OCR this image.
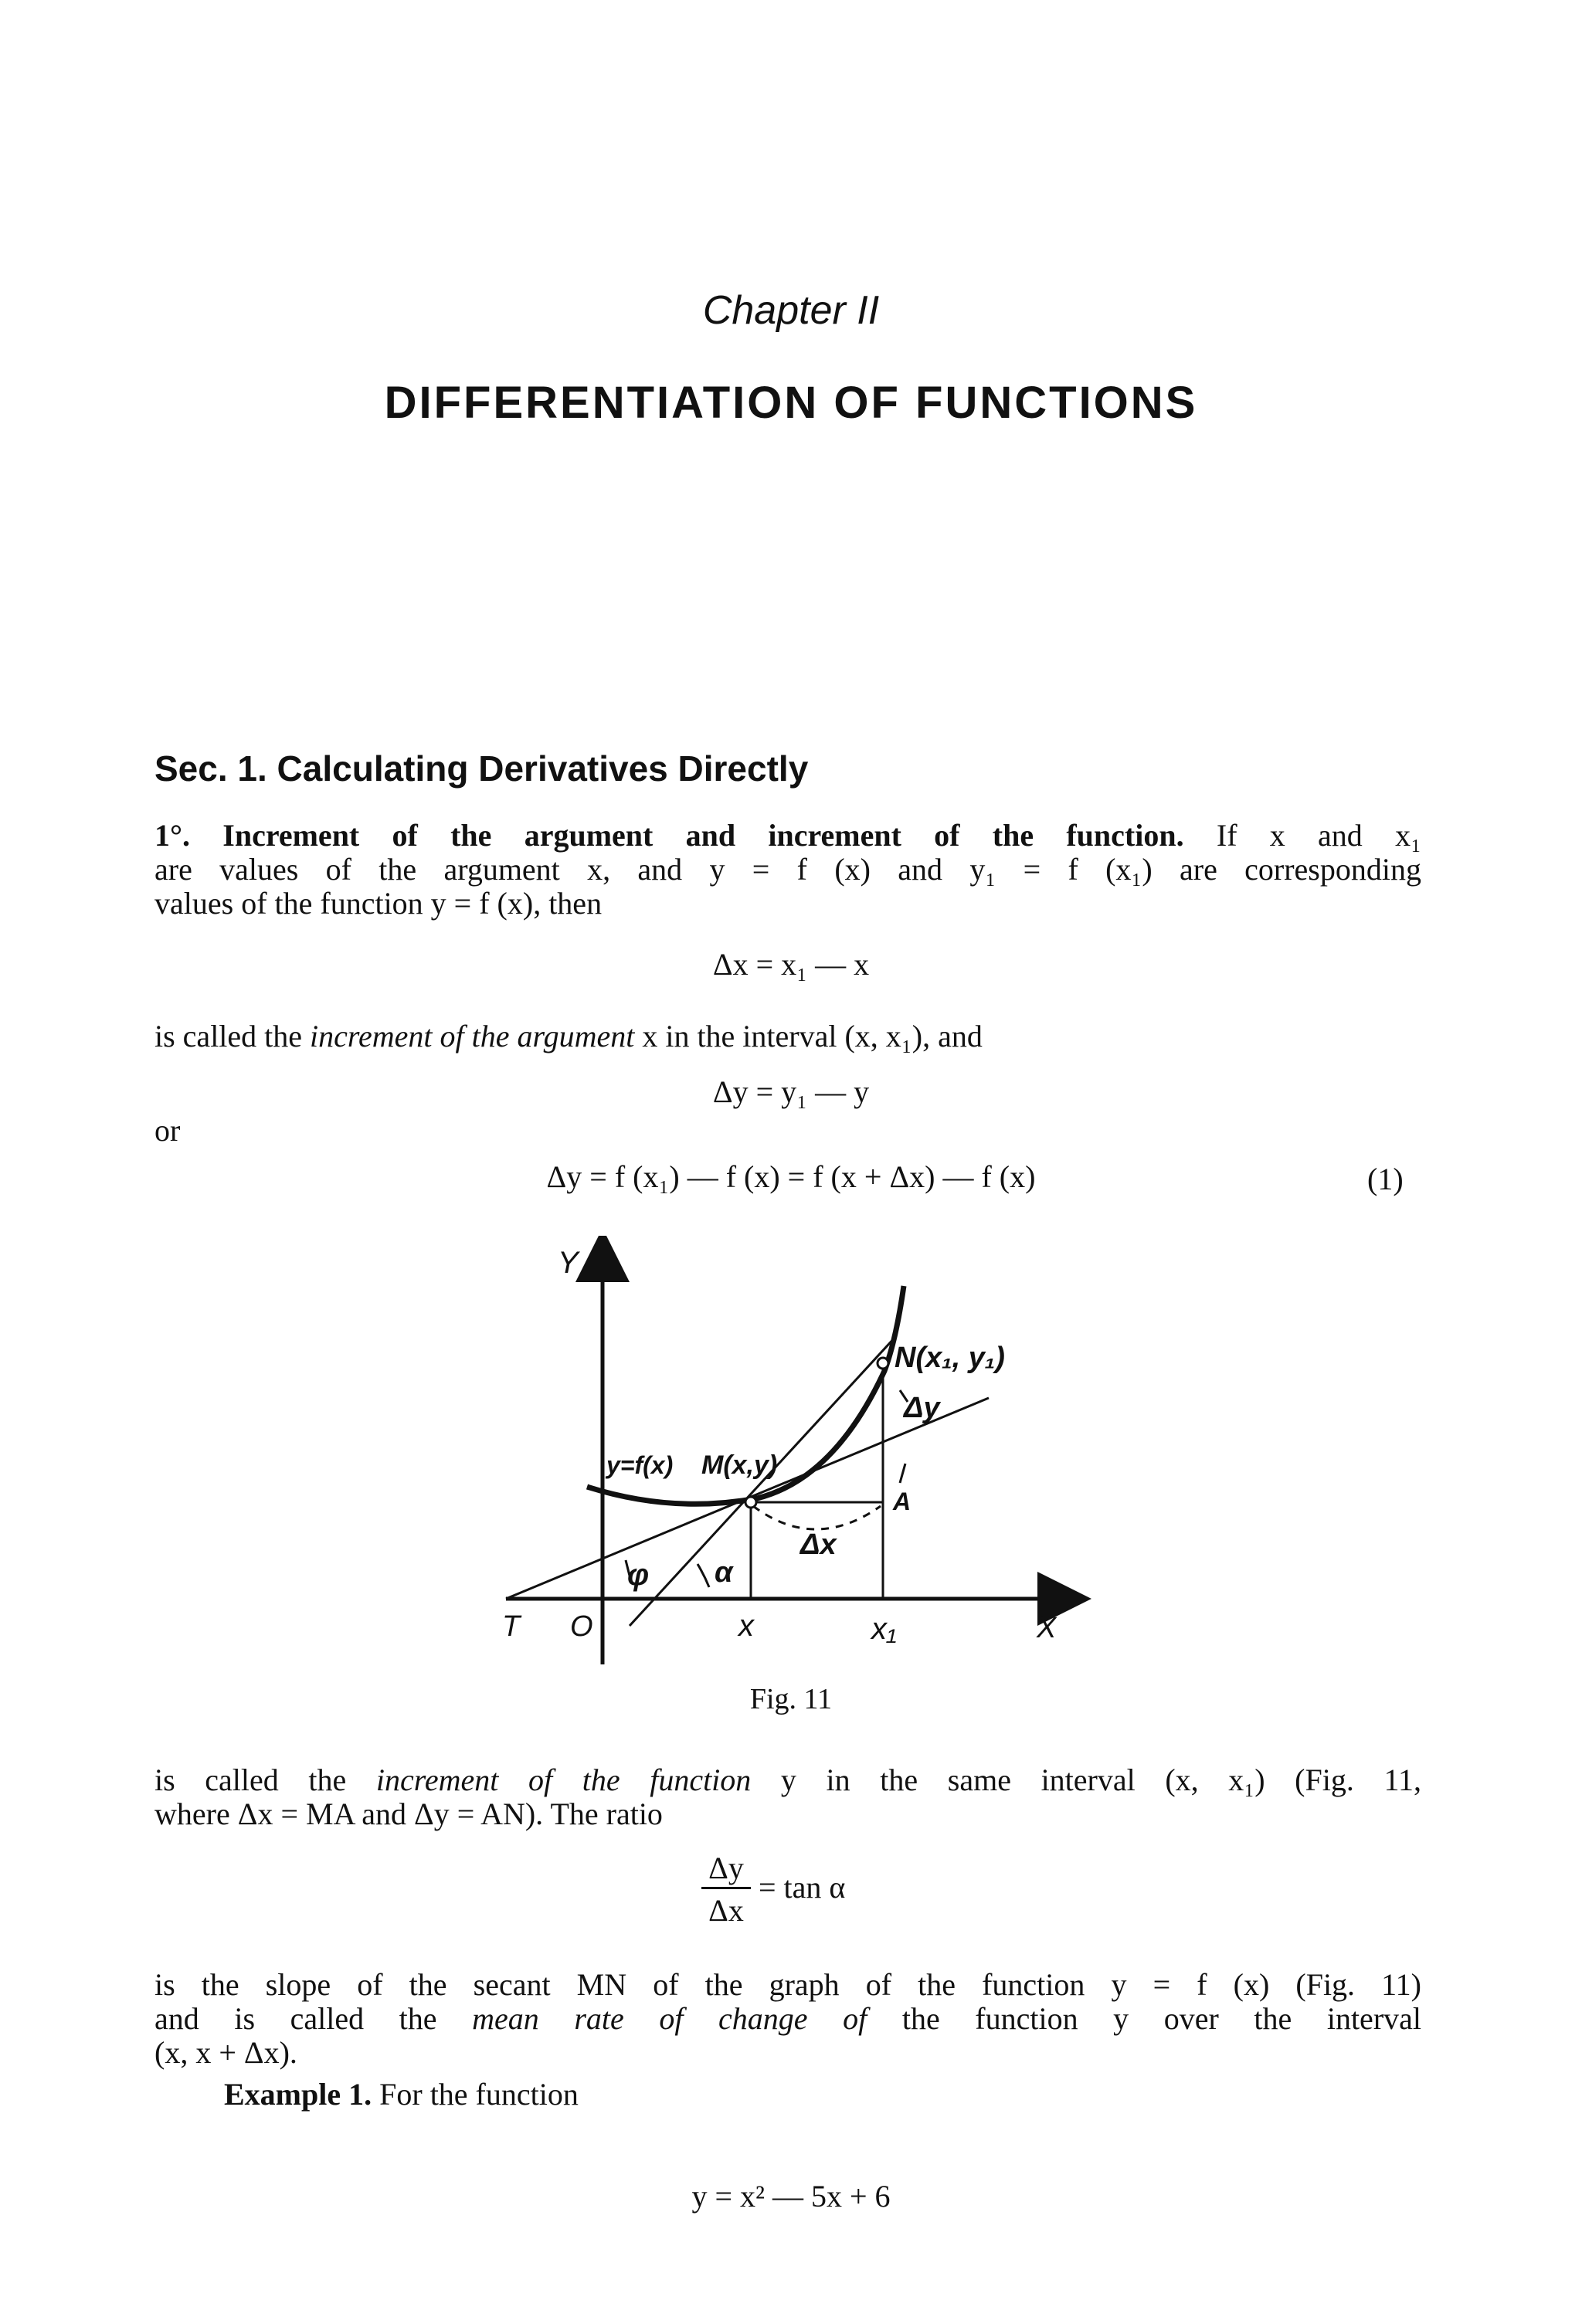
Chapter II
DIFFERENTIATION OF FUNCTIONS
Sec. 1. Calculating Derivatives Directly
1°. Increment of the argument and increment of the function. If x and x₁
are values of the argument x, and y = f (x) and y₁ = f (x₁) are corresponding
values of the function y = f (x), then
Δx = x₁ — x
is called the increment of the argument x in the interval (x, x₁), and
Δy = y₁ — y
or
Δy = f (x₁) — f (x) = f (x + Δx) — f (x)	(1)
Y
X
T O	x	x₁
N(x₁, y₁)
M(x,y)
y=f(x)
Δy
Δx
A
φ α
Fig. 11
is called the increment of the function y in the same interval (x, x₁) (Fig. 11,
where Δx = MA and Δy = AN). The ratio
Δy
Δx
= tan α
is the slope of the secant MN of the graph of the function y = f (x) (Fig. 11)
and is called the mean rate of change of the function y over the interval
(x, x + Δx).
Example 1. For the function
y = x² — 5x + 6
